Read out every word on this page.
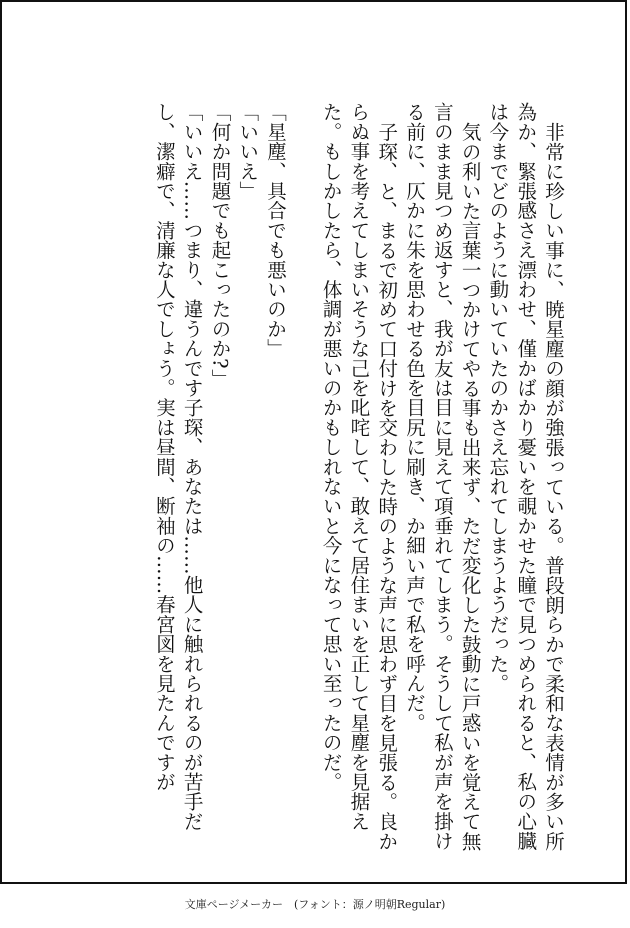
非常に珍しい事に、暁星塵の顔が強張っている。普段朗らかで柔和な表情が多い所為か、緊張感さえ漂わせ、僅かばかり憂いを覗かせた瞳で見つめられると、私の心臓は今までどのように動いていたのかさえ忘れてしまうようだった。

気の利いた言葉一つかけてやる事も出来ず、ただ変化した鼓動に戸惑いを覚えて無言のまま見つめ返すと、我が友は目に見えて項垂れてしまう。そうして私が声を掛ける前に、仄かに朱を思わせる色を目尻に刷き、か細い声で私を呼んだ。

子琛、と、まるで初めて口付けを交わした時のような声に思わず目を見張る。良からぬ事を考えてしまいそうな己を叱咤して、敢えて居住まいを正して星塵を見据えた。もしかしたら、体調が悪いのかもしれないと今になって思い至ったのだ。

「星塵、具合でも悪いのか」

「いいえ」

「何か問題でも起こったのか?」

「いいえ……つまり、違うんです子琛、あなたは……他人に触れられるのが苦手だし、潔癖で、清廉な人でしょう。実は昼間、断袖の……春宮図を見たんですが

文庫ページメーカー　(フォント：源ノ明朝Regular)
